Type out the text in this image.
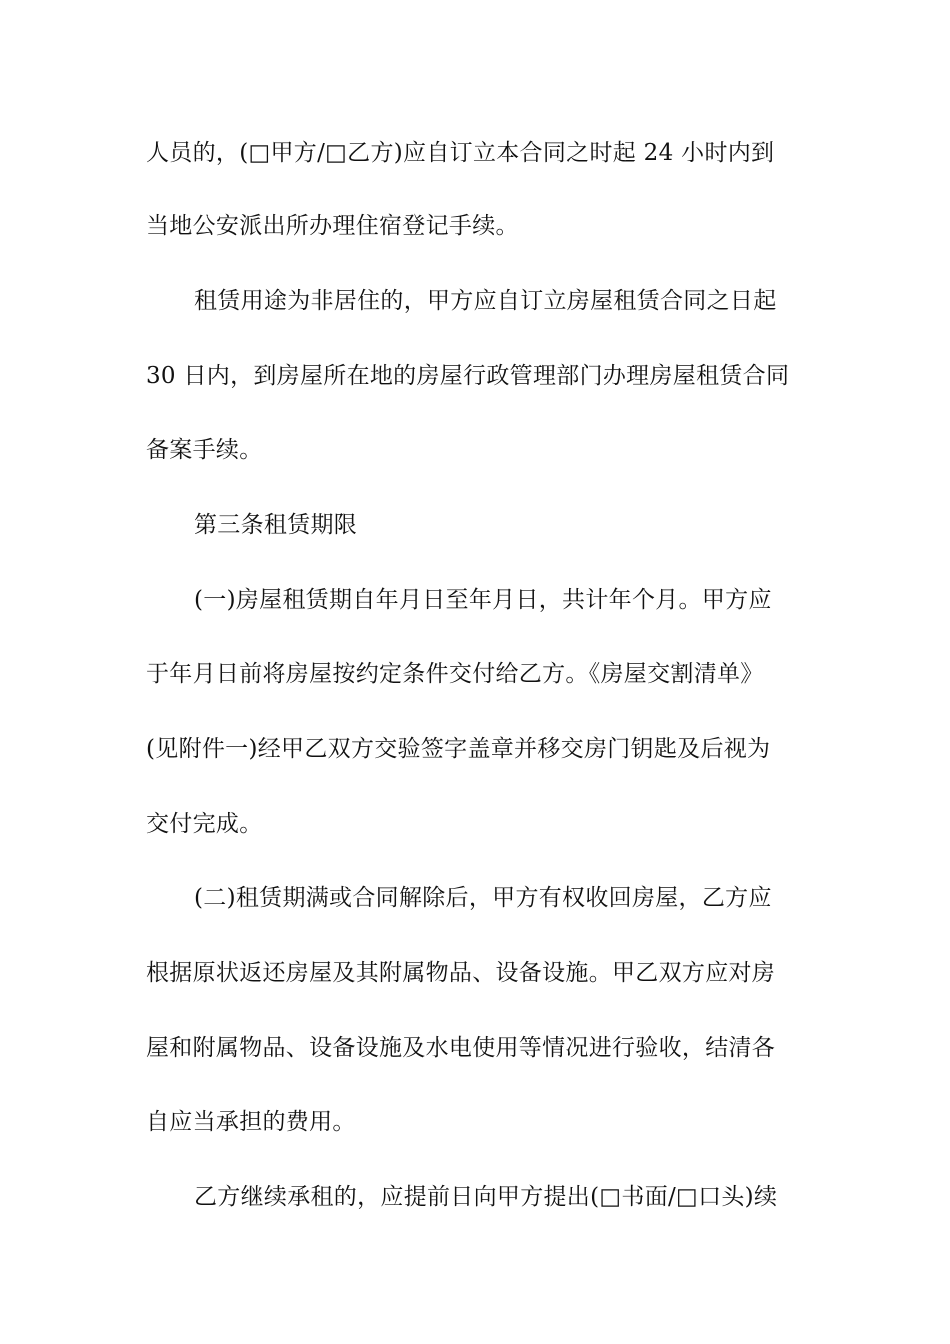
人员的，(□甲方/□乙方)应自订立本合同之时起 24 小时内到
当地公安派出所办理住宿登记手续。
租赁用途为非居住的，甲方应自订立房屋租赁合同之日起
30 日内，到房屋所在地的房屋行政管理部门办理房屋租赁合同
备案手续。
第三条租赁期限
(一)房屋租赁期自年月日至年月日，共计年个月。甲方应
于年月日前将房屋按约定条件交付给乙方。《房屋交割清单》
(见附件一)经甲乙双方交验签字盖章并移交房门钥匙及后视为
交付完成。
(二)租赁期满或合同解除后，甲方有权收回房屋，乙方应
根据原状返还房屋及其附属物品、设备设施。甲乙双方应对房
屋和附属物品、设备设施及水电使用等情况进行验收，结清各
自应当承担的费用。
乙方继续承租的，应提前日向甲方提出(□书面/□口头)续
